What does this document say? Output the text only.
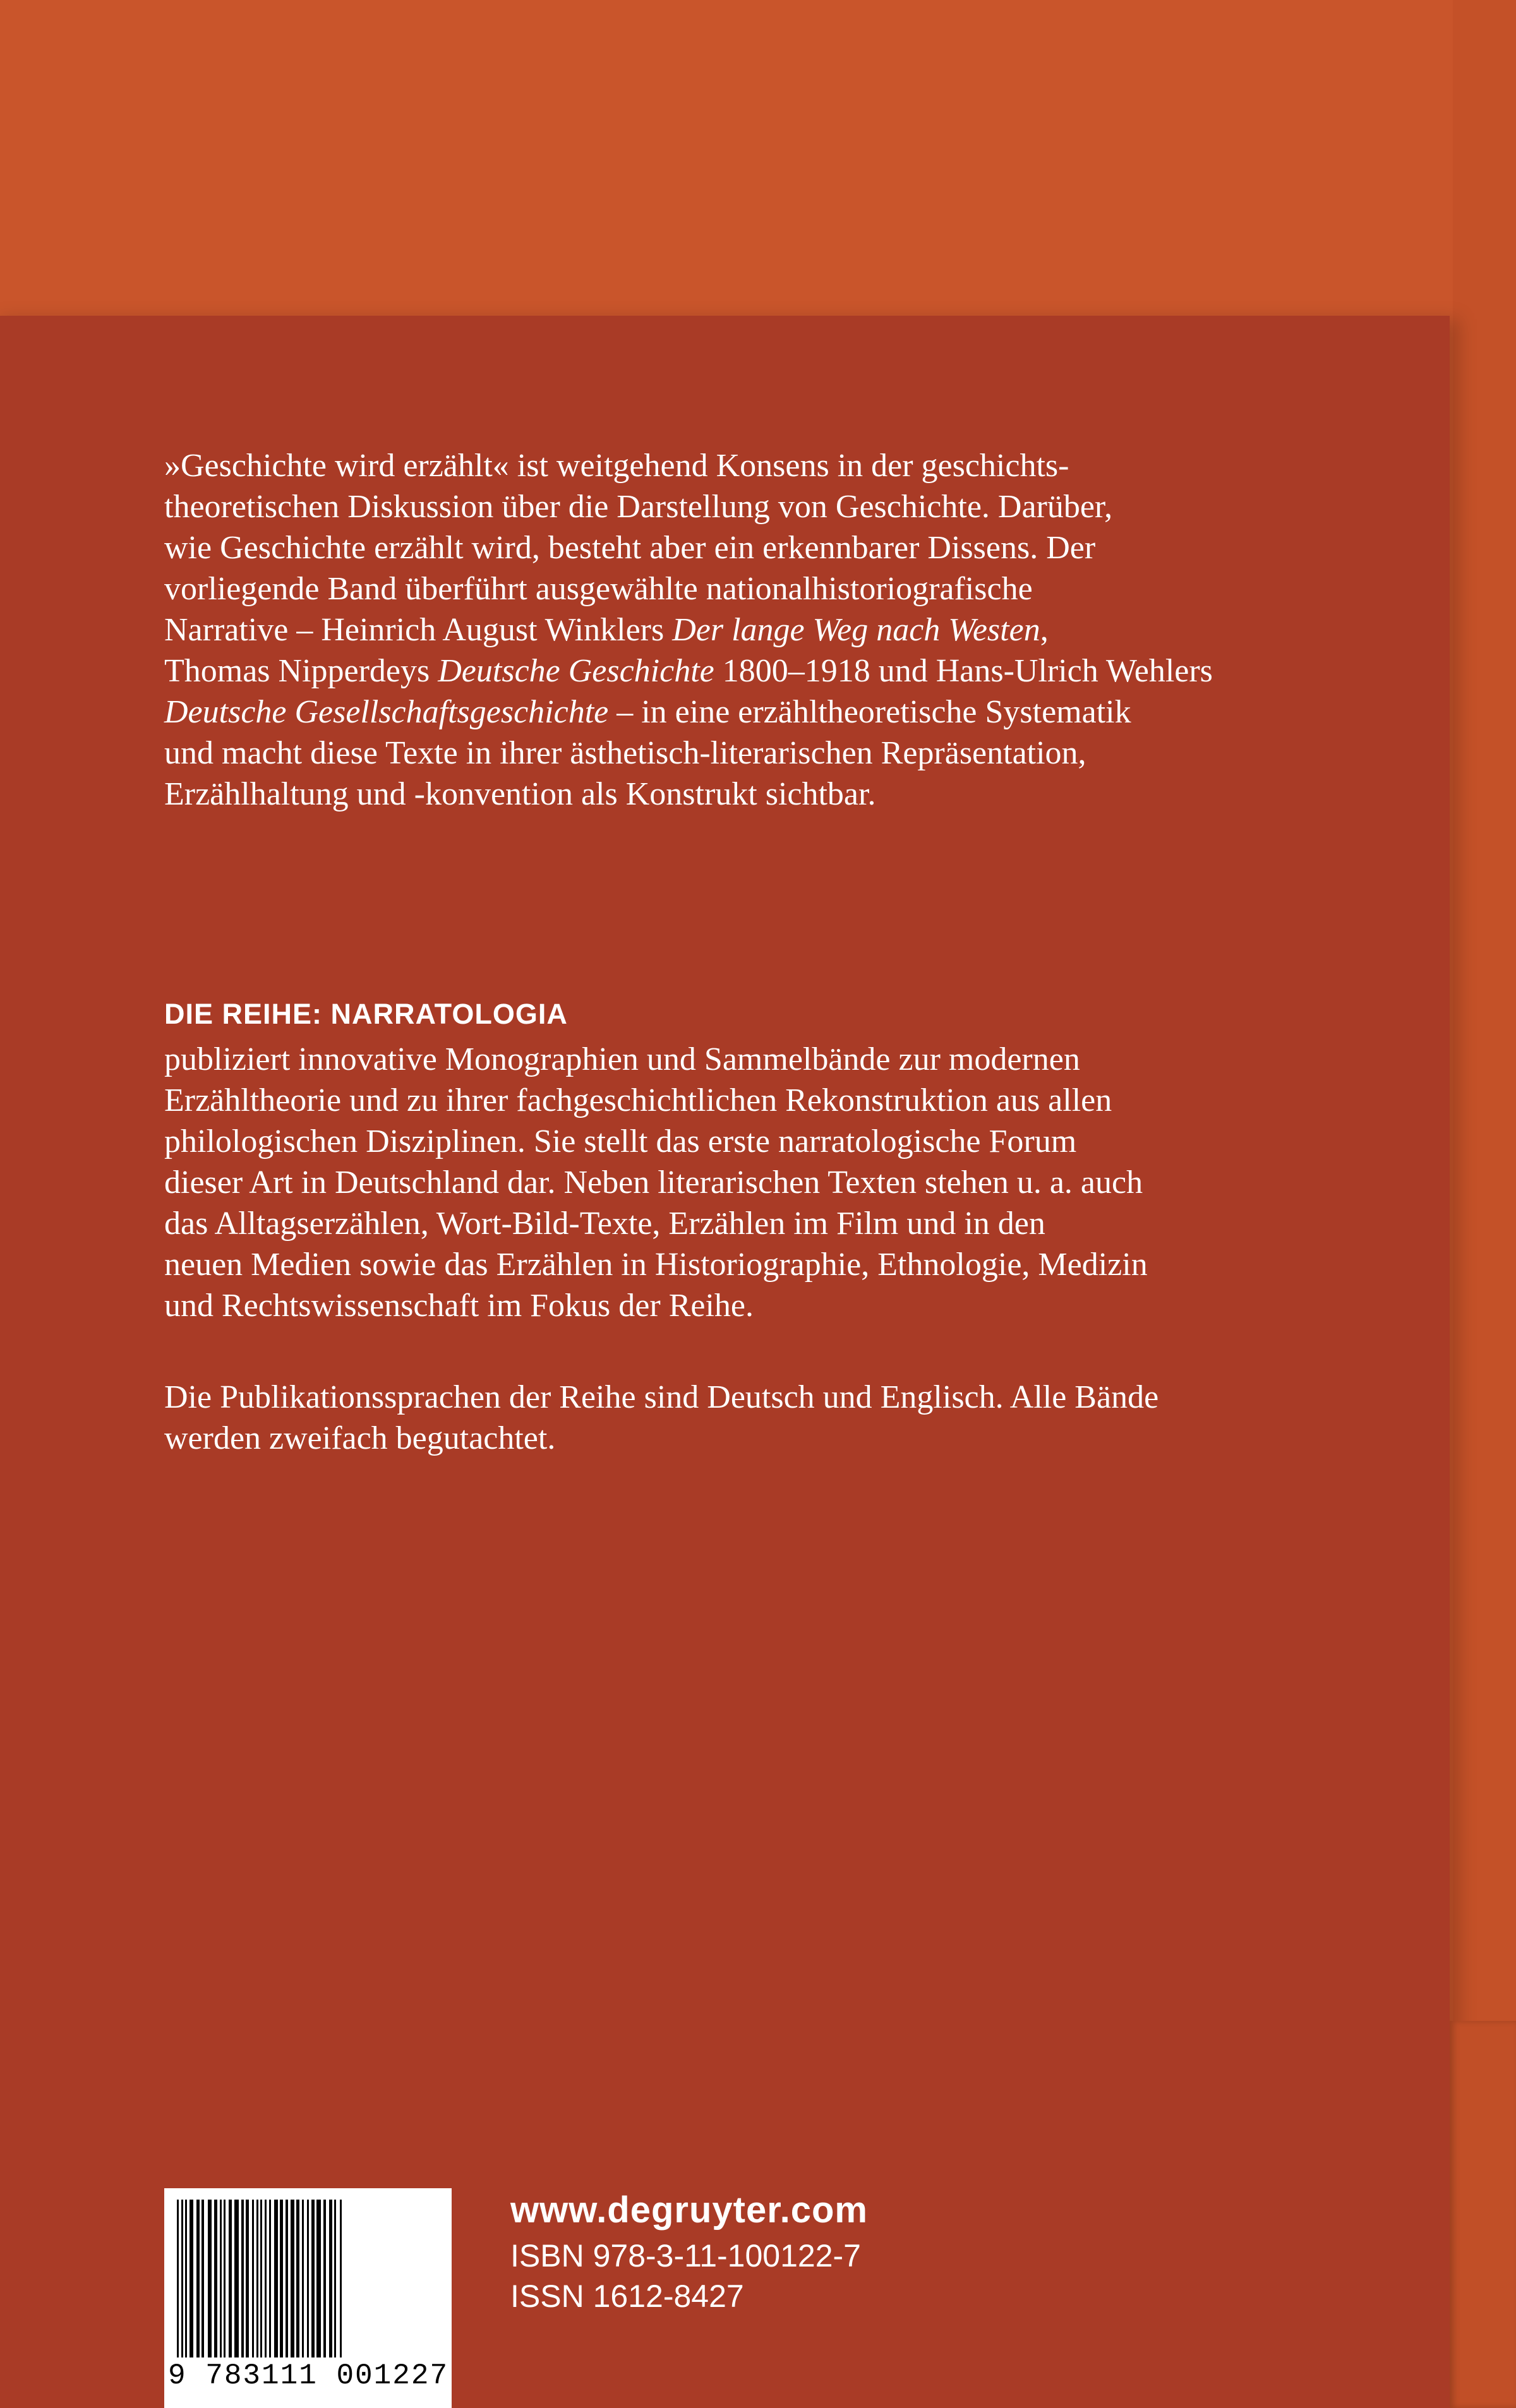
»Geschichte wird erzählt« ist weitgehend Konsens in der geschichts-
theoretischen Diskussion über die Darstellung von Geschichte. Darüber,
wie Geschichte erzählt wird, besteht aber ein erkennbarer Dissens. Der
vorliegende Band überführt ausgewählte nationalhistoriografische
Narrative – Heinrich August Winklers Der lange Weg nach Westen,
Thomas Nipperdeys Deutsche Geschichte 1800–1918 und Hans-Ulrich Wehlers
Deutsche Gesellschaftsgeschichte – in eine erzähltheoretische Systematik
und macht diese Texte in ihrer ästhetisch-literarischen Repräsentation,
Erzählhaltung und -konvention als Konstrukt sichtbar.
DIE REIHE: NARRATOLOGIA
publiziert innovative Monographien und Sammelbände zur modernen
Erzähltheorie und zu ihrer fachgeschichtlichen Rekonstruktion aus allen
philologischen Disziplinen. Sie stellt das erste narratologische Forum
dieser Art in Deutschland dar. Neben literarischen Texten stehen u. a. auch
das Alltagserzählen, Wort-Bild-Texte, Erzählen im Film und in den
neuen Medien sowie das Erzählen in Historiographie, Ethnologie, Medizin
und Rechtswissenschaft im Fokus der Reihe.
Die Publikationssprachen der Reihe sind Deutsch und Englisch. Alle Bände
werden zweifach begutachtet.
9 783111 001227
www.degruyter.com
ISBN 978-3-11-100122-7
ISSN 1612-8427
